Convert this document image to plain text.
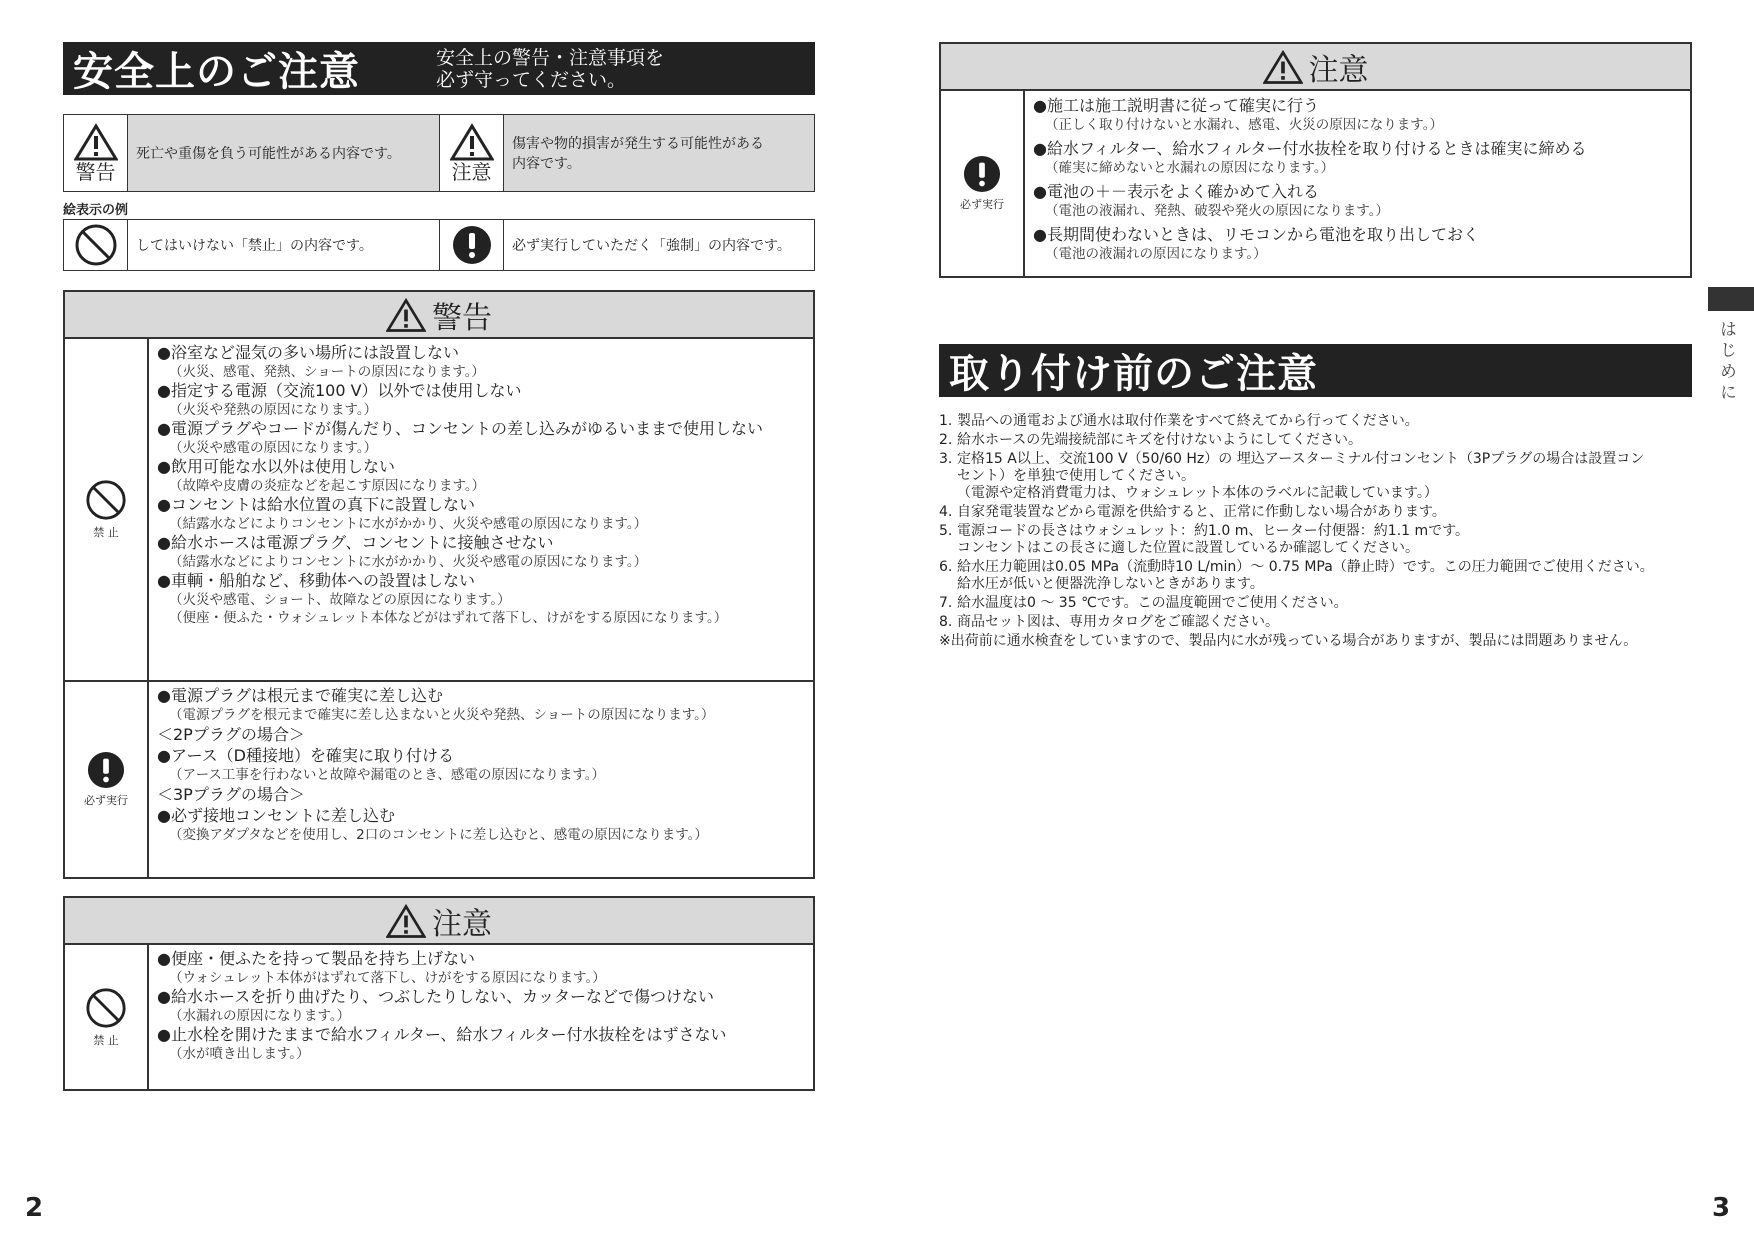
安全上のご注意	安全上の警告・注意事項を
必ず守ってください。
警告
死亡や重傷を負う可能性がある内容です。
注意
傷害や物的損害が発生する可能性がある
内容です。
絵表示の例
してはいけない「禁止」の内容です。	必ず実行していただく「強制」の内容です。
警告
禁 止
●浴室など湿気の多い場所には設置しない
（火災、感電、発熱、ショートの原因になります。）
●指定する電源（交流100 V）以外では使用しない
（火災や発熱の原因になります。）
●電源プラグやコードが傷んだり、コンセントの差し込みがゆるいままで使用しない
（火災や感電の原因になります。）
●飲用可能な水以外は使用しない
（故障や皮膚の炎症などを起こす原因になります。）
●コンセントは給水位置の真下に設置しない
（結露水などによりコンセントに水がかかり、火災や感電の原因になります。）
●給水ホースは電源プラグ、コンセントに接触させない
（結露水などによりコンセントに水がかかり、火災や感電の原因になります。）
●車輌・船舶など、移動体への設置はしない
（火災や感電、ショート、故障などの原因になります。）
（便座・便ふた・ウォシュレット本体などがはずれて落下し、けがをする原因になります。）
必ず実行
●電源プラグは根元まで確実に差し込む
（電源プラグを根元まで確実に差し込まないと火災や発熱、ショートの原因になります。）
＜2Pプラグの場合＞
●アース（D種接地）を確実に取り付ける
（アース工事を行わないと故障や漏電のとき、感電の原因になります。）
＜3Pプラグの場合＞
●必ず接地コンセントに差し込む
（変換アダプタなどを使用し、2口のコンセントに差し込むと、感電の原因になります。）
注意
禁 止
●便座・便ふたを持って製品を持ち上げない
（ウォシュレット本体がはずれて落下し、けがをする原因になります。）
●給水ホースを折り曲げたり、つぶしたりしない、カッターなどで傷つけない
（水漏れの原因になります。）
●止水栓を開けたままで給水フィルター、給水フィルター付水抜栓をはずさない
（水が噴き出します。）
2
注意
必ず実行
●施工は施工説明書に従って確実に行う
（正しく取り付けないと水漏れ、感電、火災の原因になります。）
●給水フィルター、給水フィルター付水抜栓を取り付けるときは確実に締める
（確実に締めないと水漏れの原因になります。）
●電池の＋－表示をよく確かめて入れる
（電池の液漏れ、発熱、破裂や発火の原因になります。）
●長期間使わないときは、リモコンから電池を取り出しておく
（電池の液漏れの原因になります。）
取り付け前のご注意
1. 製品への通電および通水は取付作業をすべて終えてから行ってください。
2. 給水ホースの先端接続部にキズを付けないようにしてください。
3. 定格15 A以上、交流100 V（50/60 Hz）の 埋込アースターミナル付コンセント（3Pプラグの場合は設置コン
セント）を単独で使用してください。
（電源や定格消費電力は、ウォシュレット本体のラベルに記載しています。）
4. 自家発電装置などから電源を供給すると、正常に作動しない場合があります。
5. 電源コードの長さはウォシュレット：約1.0 m、ヒーター付便器：約1.1 mです。
コンセントはこの長さに適した位置に設置しているか確認してください。
6. 給水圧力範囲は0.05 MPa（流動時10 L/min）～ 0.75 MPa（静止時）です。この圧力範囲でご使用ください。
給水圧が低いと便器洗浄しないときがあります。
7. 給水温度は0 ～ 35 ℃です。この温度範囲でご使用ください。
8. 商品セット図は、専用カタログをご確認ください。
※出荷前に通水検査をしていますので、製品内に水が残っている場合がありますが、製品には問題ありません。
はじめに
3
